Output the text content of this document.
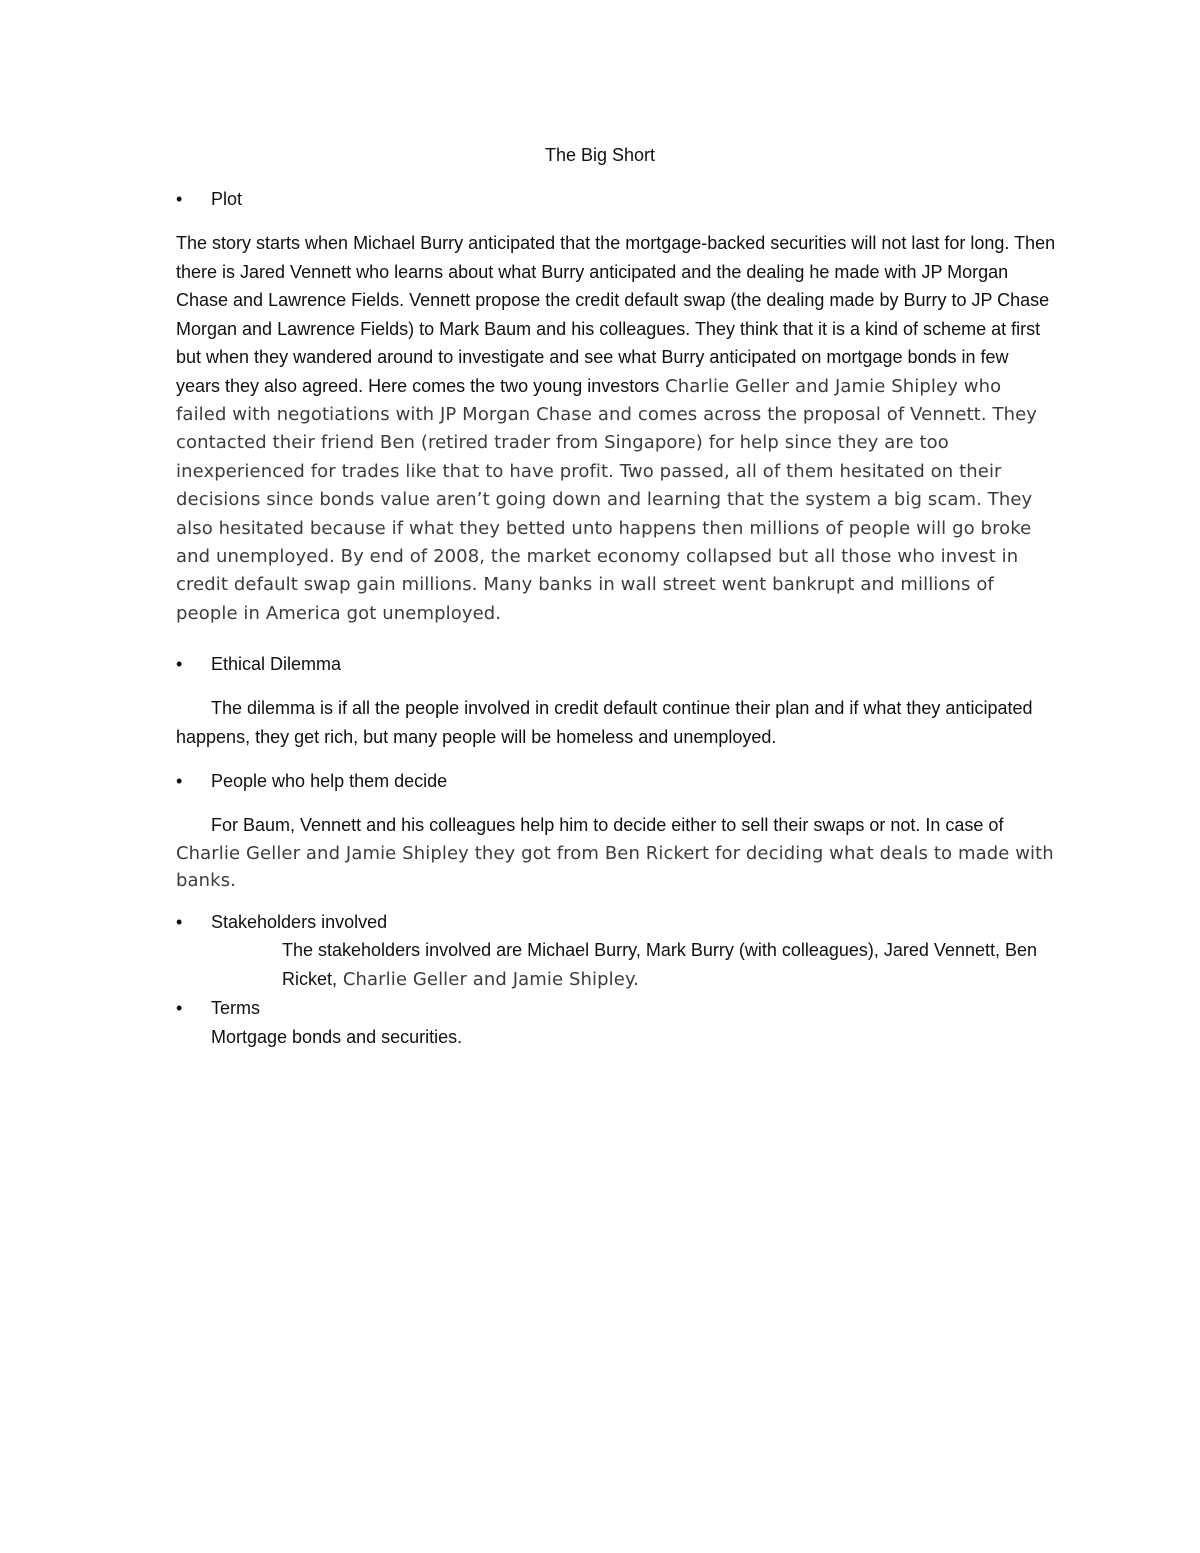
The Big Short
• Plot

The story starts when Michael Burry anticipated that the mortgage-backed securities will not last for long. Then there is Jared Vennett who learns about what Burry anticipated and the dealing he made with JP Morgan Chase and Lawrence Fields. Vennett propose the credit default swap (the dealing made by Burry to JP Chase Morgan and Lawrence Fields) to Mark Baum and his colleagues. They think that it is a kind of scheme at first but when they wandered around to investigate and see what Burry anticipated on mortgage bonds in few years they also agreed. Here comes the two young investors Charlie Geller and Jamie Shipley who failed with negotiations with JP Morgan Chase and comes across the proposal of Vennett. They contacted their friend Ben (retired trader from Singapore) for help since they are too inexperienced for trades like that to have profit. Two passed, all of them hesitated on their decisions since bonds value aren’t going down and learning that the system a big scam. They also hesitated because if what they betted unto happens then millions of people will go broke and unemployed. By end of 2008, the market economy collapsed but all those who invest in credit default swap gain millions. Many banks in wall street went bankrupt and millions of people in America got unemployed.

• Ethical Dilemma

The dilemma is if all the people involved in credit default continue their plan and if what they anticipated happens, they get rich, but many people will be homeless and unemployed.

• People who help them decide

For Baum, Vennett and his colleagues help him to decide either to sell their swaps or not. In case of Charlie Geller and Jamie Shipley they got from Ben Rickert for deciding what deals to made with banks.

• Stakeholders involved

The stakeholders involved are Michael Burry, Mark Burry (with colleagues), Jared Vennett, Ben Ricket, Charlie Geller and Jamie Shipley.

• Terms
Mortgage bonds and securities.
